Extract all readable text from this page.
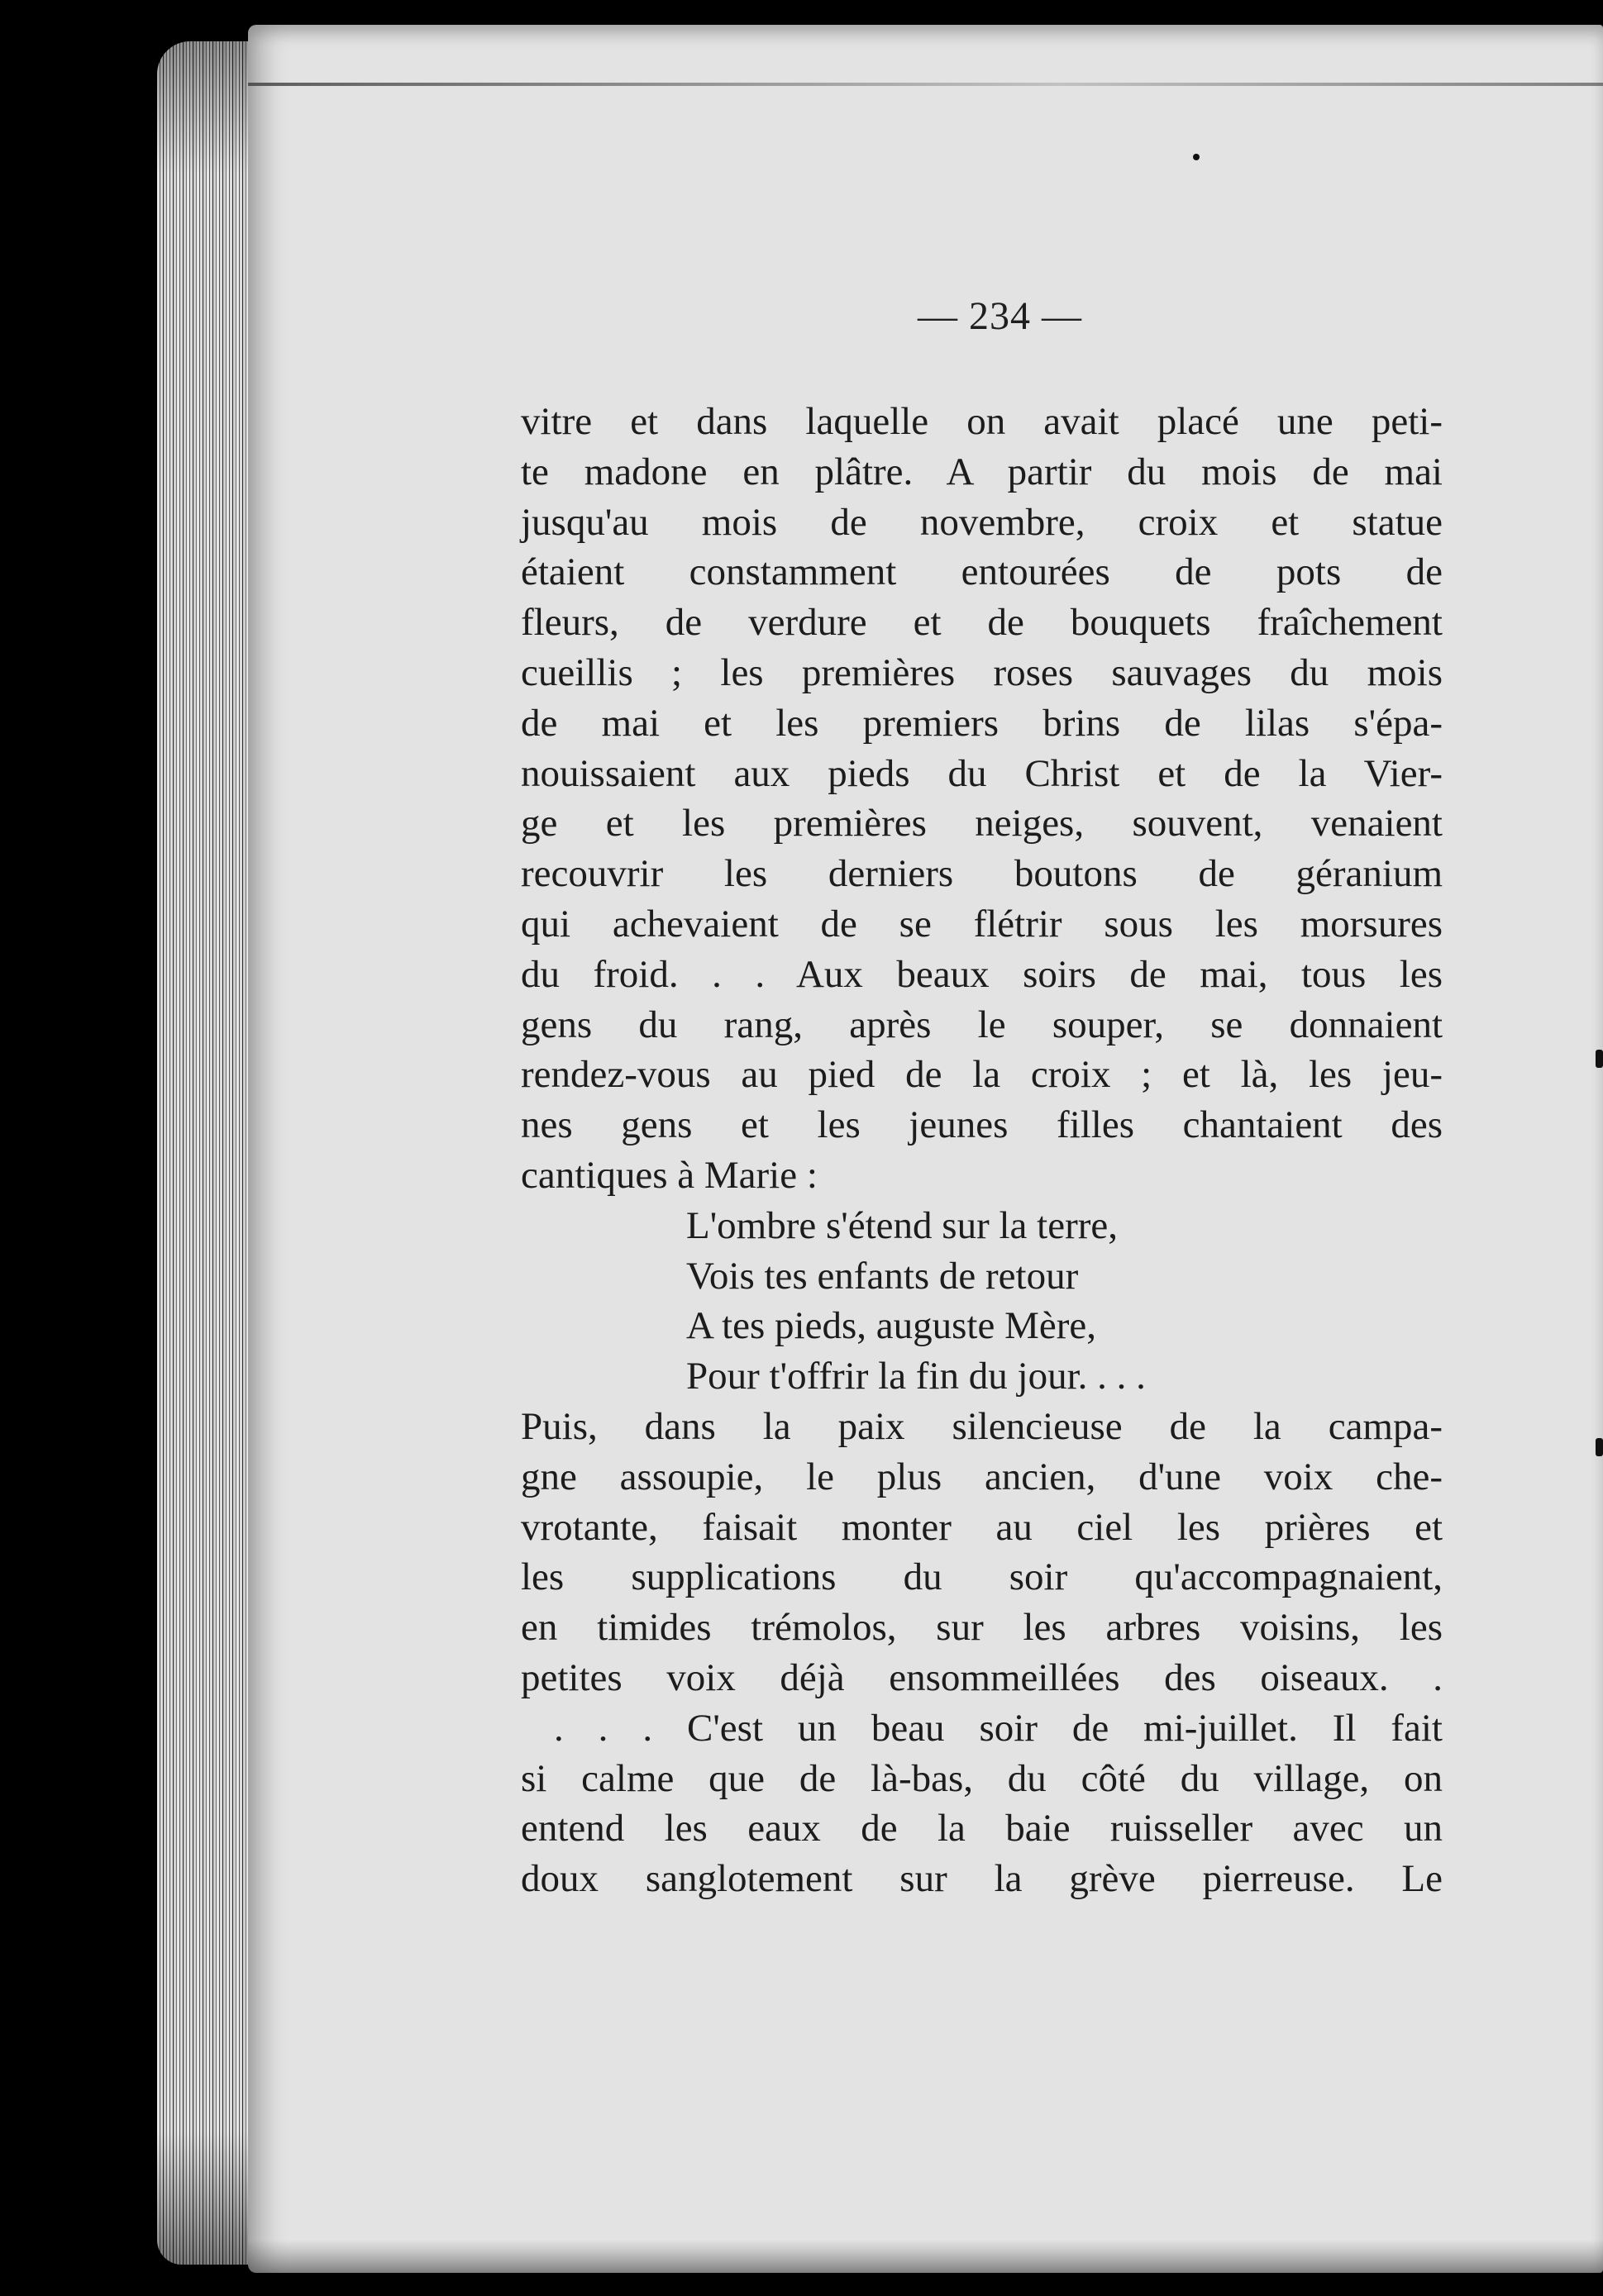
— 234 —
vitre et dans laquelle on avait placé une peti-
te madone en plâtre. A partir du mois de mai
jusqu'au mois de novembre, croix et statue
étaient constamment entourées de pots de
fleurs, de verdure et de bouquets fraîchement
cueillis ; les premières roses sauvages du mois
de mai et les premiers brins de lilas s'épa-
nouissaient aux pieds du Christ et de la Vier-
ge et les premières neiges, souvent, venaient
recouvrir les derniers boutons de géranium
qui achevaient de se flétrir sous les morsures
du froid. . . Aux beaux soirs de mai, tous les
gens du rang, après le souper, se donnaient
rendez-vous au pied de la croix ; et là, les jeu-
nes gens et les jeunes filles chantaient des
cantiques à Marie :
L'ombre s'étend sur la terre,
Vois tes enfants de retour
A tes pieds, auguste Mère,
Pour t'offrir la fin du jour. . . .
Puis, dans la paix silencieuse de la campa-
gne assoupie, le plus ancien, d'une voix che-
vrotante, faisait monter au ciel les prières et
les supplications du soir qu'accompagnaient,
en timides trémolos, sur les arbres voisins, les
petites voix déjà ensommeillées des oiseaux. .
. . . C'est un beau soir de mi-juillet. Il fait
si calme que de là-bas, du côté du village, on
entend les eaux de la baie ruisseller avec un
doux sanglotement sur la grève pierreuse. Le
